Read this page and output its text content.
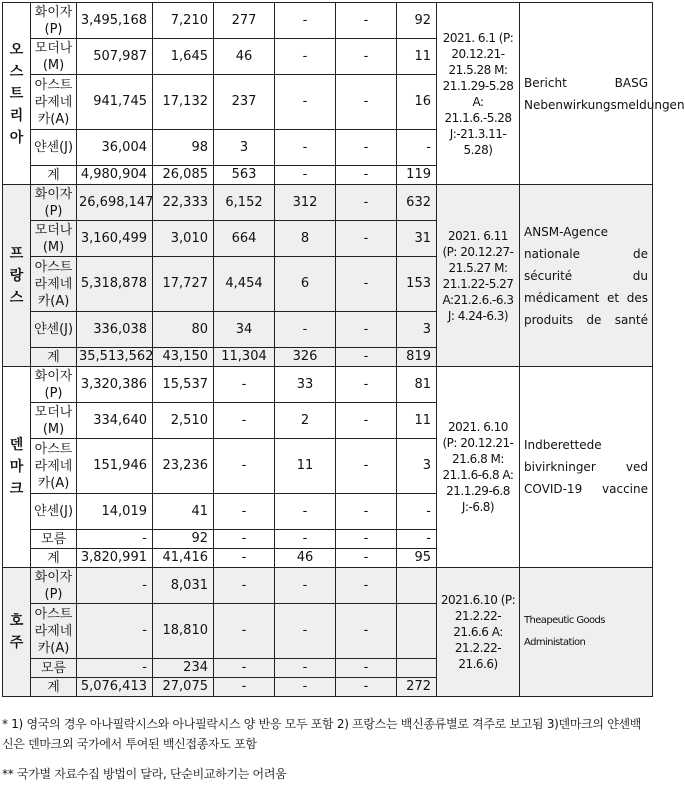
오스트리아	화이자(P)	3,495,168	7,210	277	-	-	92	2021. 6.1 (P: 20.12.21-21.5.28 M: 21.1.29-5.28 A: 21.1.6.-5.28 J:-21.3.11-5.28)	Bericht BASG Nebenwirkungsmeldungen
	모더나(M)	507,987	1,645	46	-	-	11		
	아스트라제네카(A)	941,745	17,132	237	-	-	16		
	얀센(J)	36,004	98	3	-	-	-		
	계	4,980,904	26,085	563	-	-	119		
프랑스	화이자(P)	26,698,147	22,333	6,152	312	-	632	2021. 6.11 (P: 20.12.27-21.5.27 M: 21.1.22-5.27 A:21.2.6.-6.3 J: 4.24-6.3)	ANSM-Agence nationale de sécurité du médicament et des produits de santé
	모더나(M)	3,160,499	3,010	664	8	-	31		
	아스트라제네카(A)	5,318,878	17,727	4,454	6	-	153		
	얀센(J)	336,038	80	34	-	-	3		
	계	35,513,562	43,150	11,304	326	-	819		
덴마크	화이자(P)	3,320,386	15,537	-	33	-	81	2021. 6.10 (P: 20.12.21-21.6.8 M: 21.1.6-6.8 A: 21.1.29-6.8 J:-6.8)	Indberettede bivirkninger ved COVID-19 vaccine
	모더나(M)	334,640	2,510	-	2	-	11		
	아스트라제네카(A)	151,946	23,236	-	11	-	3		
	얀센(J)	14,019	41	-	-	-	-		
	모름	-	92	-	-	-	-		
	계	3,820,991	41,416	-	46	-	95		
호주	화이자(P)	-	8,031	-	-	-		2021.6.10 (P: 21.2.22-21.6.6 A: 21.2.22-21.6.6)	Theapeutic Goods Administation
	아스트라제네카(A)	-	18,810	-	-	-			
	모름	-	234	-	-	-			
	계	5,076,413	27,075	-	-	-	272		

* 1) 영국의 경우 아나필락시스와 아나필락시스 양 반응 모두 포함 2) 프랑스는 백신종류별로 격주로 보고됨 3)덴마크의 얀센백신은 덴마크외 국가에서 투여된 백신접종자도 포함

** 국가별 자료수집 방법이 달라, 단순비교하기는 어려움
